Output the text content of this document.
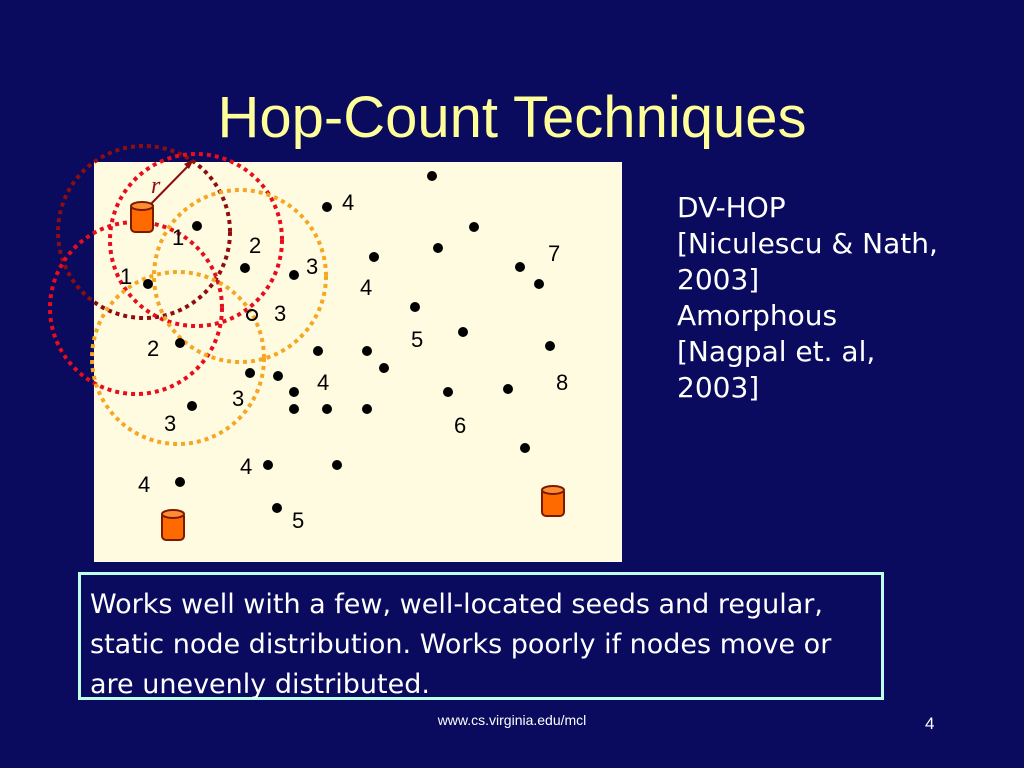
Hop-Count Techniques
r
1	2
1	3
3
2
3
3
4
4
4
5
7
8
6
4
4
5
DV-HOP
[Niculescu & Nath,
2003]
Amorphous
[Nagpal et. al,
2003]
Works well with a few, well-located seeds and regular, static node distribution. Works poorly if nodes move or are unevenly distributed.
www.cs.virginia.edu/mcl	4
